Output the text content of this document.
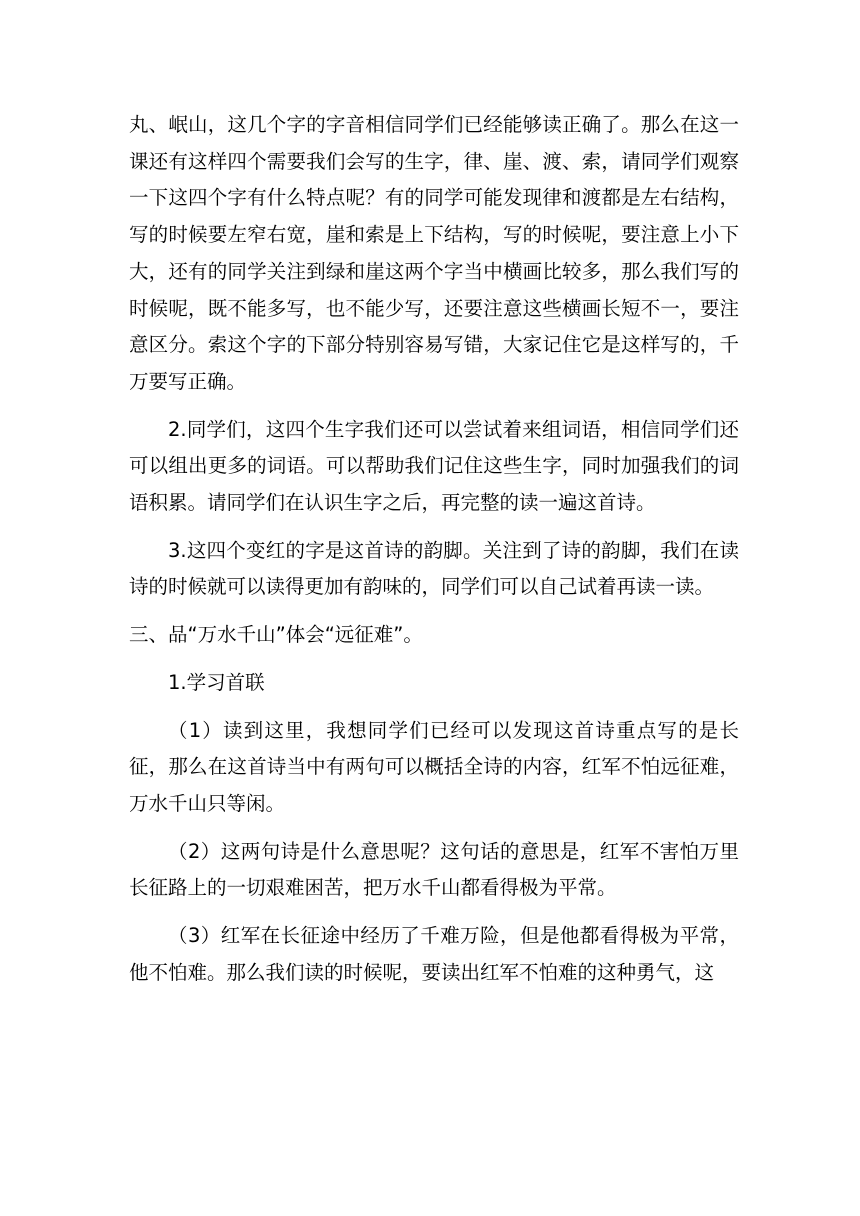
丸、岷山，这几个字的字音相信同学们已经能够读正确了。那么在这一课还有这样四个需要我们会写的生字，律、崖、渡、索，请同学们观察一下这四个字有什么特点呢？有的同学可能发现律和渡都是左右结构，写的时候要左窄右宽，崖和索是上下结构，写的时候呢，要注意上小下大，还有的同学关注到绿和崖这两个字当中横画比较多，那么我们写的时候呢，既不能多写，也不能少写，还要注意这些横画长短不一，要注意区分。索这个字的下部分特别容易写错，大家记住它是这样写的，千万要写正确。

2.同学们，这四个生字我们还可以尝试着来组词语，相信同学们还可以组出更多的词语。可以帮助我们记住这些生字，同时加强我们的词语积累。请同学们在认识生字之后，再完整的读一遍这首诗。

3.这四个变红的字是这首诗的韵脚。关注到了诗的韵脚，我们在读诗的时候就可以读得更加有韵味的，同学们可以自己试着再读一读。

三、品“万水千山”体会“远征难”。

1.学习首联

（1）读到这里，我想同学们已经可以发现这首诗重点写的是长征，那么在这首诗当中有两句可以概括全诗的内容，红军不怕远征难，万水千山只等闲。

（2）这两句诗是什么意思呢？这句话的意思是，红军不害怕万里长征路上的一切艰难困苦，把万水千山都看得极为平常。

（3）红军在长征途中经历了千难万险，但是他都看得极为平常，他不怕难。那么我们读的时候呢，要读出红军不怕难的这种勇气，这
